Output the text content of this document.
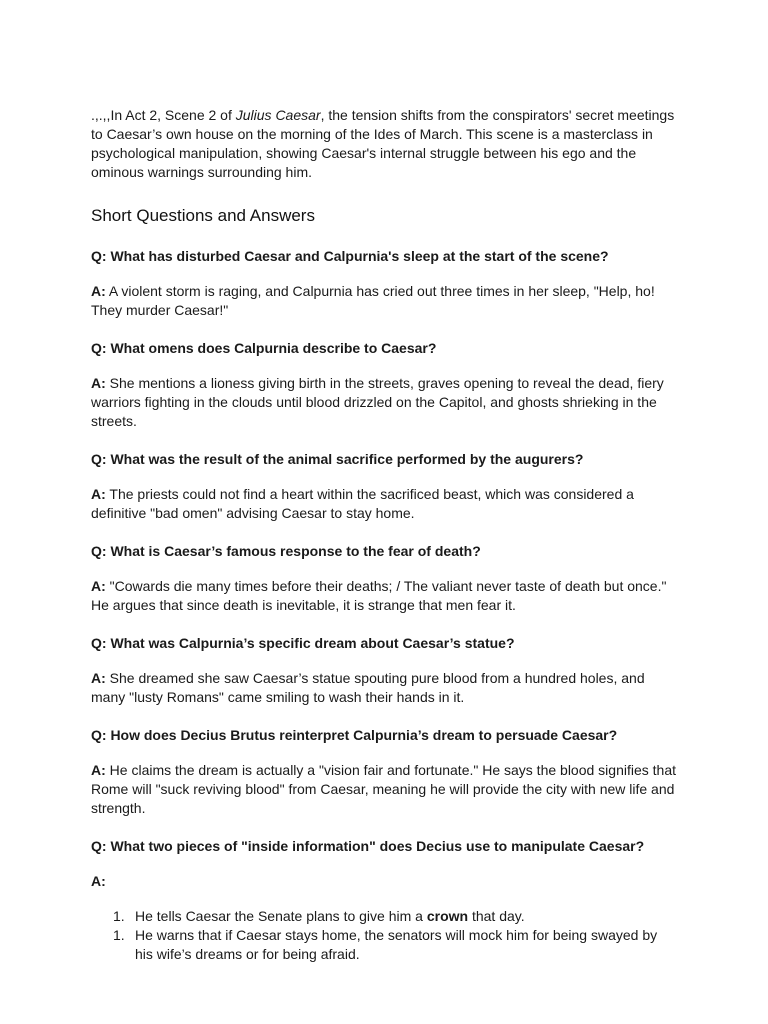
.,.,,In Act 2, Scene 2 of Julius Caesar, the tension shifts from the conspirators' secret meetings to Caesar’s own house on the morning of the Ides of March. This scene is a masterclass in psychological manipulation, showing Caesar's internal struggle between his ego and the ominous warnings surrounding him.

Short Questions and Answers

Q: What has disturbed Caesar and Calpurnia's sleep at the start of the scene?

A: A violent storm is raging, and Calpurnia has cried out three times in her sleep, "Help, ho! They murder Caesar!"

Q: What omens does Calpurnia describe to Caesar?

A: She mentions a lioness giving birth in the streets, graves opening to reveal the dead, fiery warriors fighting in the clouds until blood drizzled on the Capitol, and ghosts shrieking in the streets.

Q: What was the result of the animal sacrifice performed by the augurers?

A: The priests could not find a heart within the sacrificed beast, which was considered a definitive "bad omen" advising Caesar to stay home.

Q: What is Caesar’s famous response to the fear of death?

A: "Cowards die many times before their deaths; / The valiant never taste of death but once." He argues that since death is inevitable, it is strange that men fear it.

Q: What was Calpurnia’s specific dream about Caesar’s statue?

A: She dreamed she saw Caesar’s statue spouting pure blood from a hundred holes, and many "lusty Romans" came smiling to wash their hands in it.

Q: How does Decius Brutus reinterpret Calpurnia’s dream to persuade Caesar?

A: He claims the dream is actually a "vision fair and fortunate." He says the blood signifies that Rome will "suck reviving blood" from Caesar, meaning he will provide the city with new life and strength.

Q: What two pieces of "inside information" does Decius use to manipulate Caesar?

A:

1. He tells Caesar the Senate plans to give him a crown that day.
1. He warns that if Caesar stays home, the senators will mock him for being swayed by his wife’s dreams or for being afraid.
